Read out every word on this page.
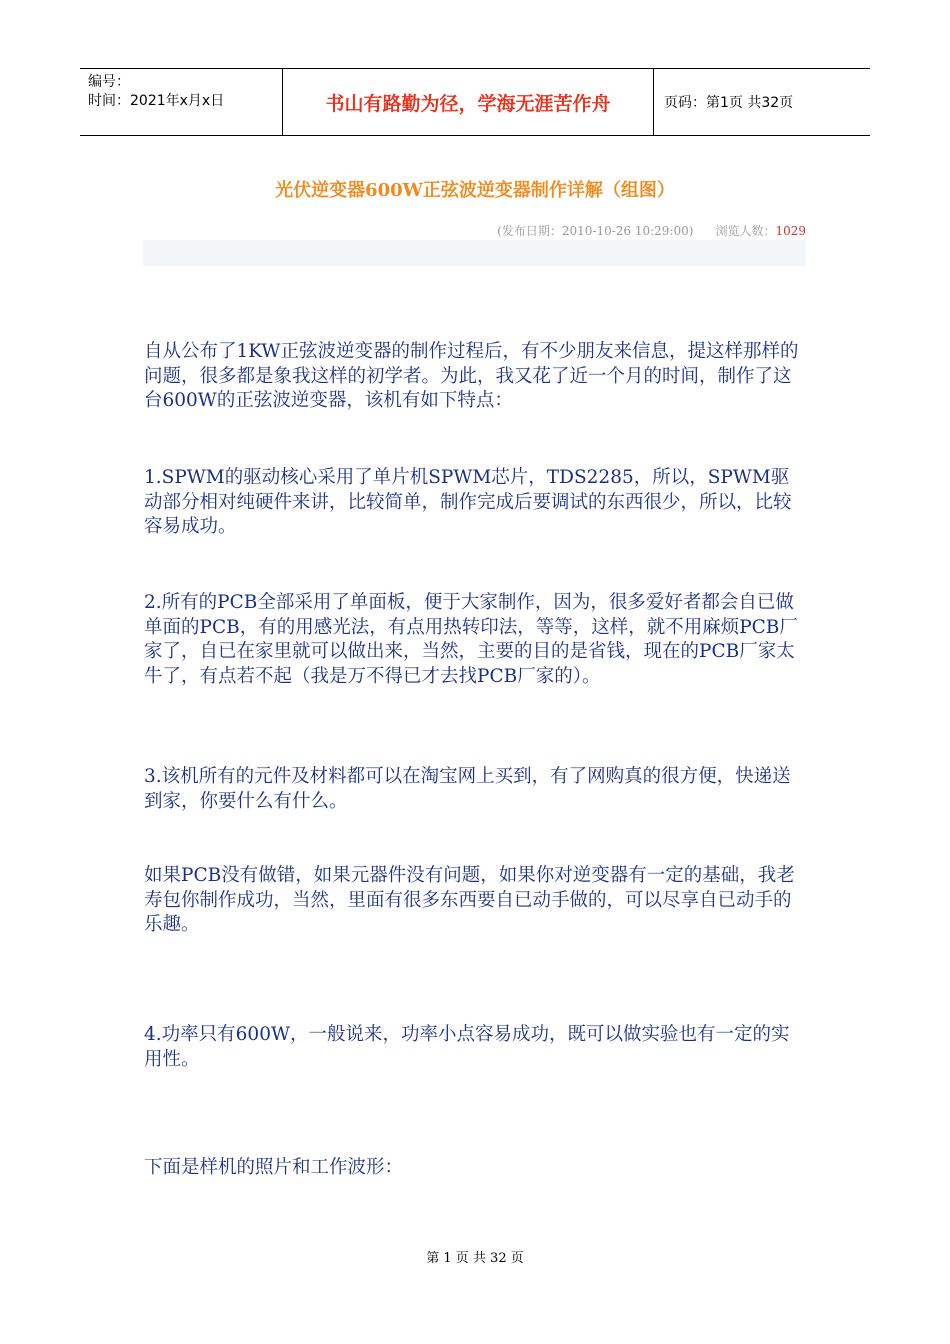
编号：
时间：2021年x月x日	书山有路勤为径，学海无涯苦作舟	页码：第1页 共32页
光伏逆变器600W正弦波逆变器制作详解（组图）
(发布日期：2010-10-26 10:29:00) 浏览人数：1029
自从公布了1KW正弦波逆变器的制作过程后，有不少朋友来信息，提这样那样的问题，很多都是象我这样的初学者。为此，我又花了近一个月的时间，制作了这台600W的正弦波逆变器，该机有如下特点：
1.SPWM的驱动核心采用了单片机SPWM芯片，TDS2285，所以，SPWM驱动部分相对纯硬件来讲，比较简单，制作完成后要调试的东西很少，所以，比较容易成功。
2.所有的PCB全部采用了单面板，便于大家制作，因为，很多爱好者都会自已做单面的PCB，有的用感光法，有点用热转印法，等等，这样，就不用麻烦PCB厂家了，自已在家里就可以做出来，当然，主要的目的是省钱，现在的PCB厂家太牛了，有点若不起（我是万不得已才去找PCB厂家的）。
3.该机所有的元件及材料都可以在淘宝网上买到，有了网购真的很方便，快递送到家，你要什么有什么。
如果PCB没有做错，如果元器件没有问题，如果你对逆变器有一定的基础，我老寿包你制作成功，当然，里面有很多东西要自已动手做的，可以尽享自已动手的乐趣。
4.功率只有600W，一般说来，功率小点容易成功，既可以做实验也有一定的实用性。
下面是样机的照片和工作波形：
第 1 页 共 32 页
